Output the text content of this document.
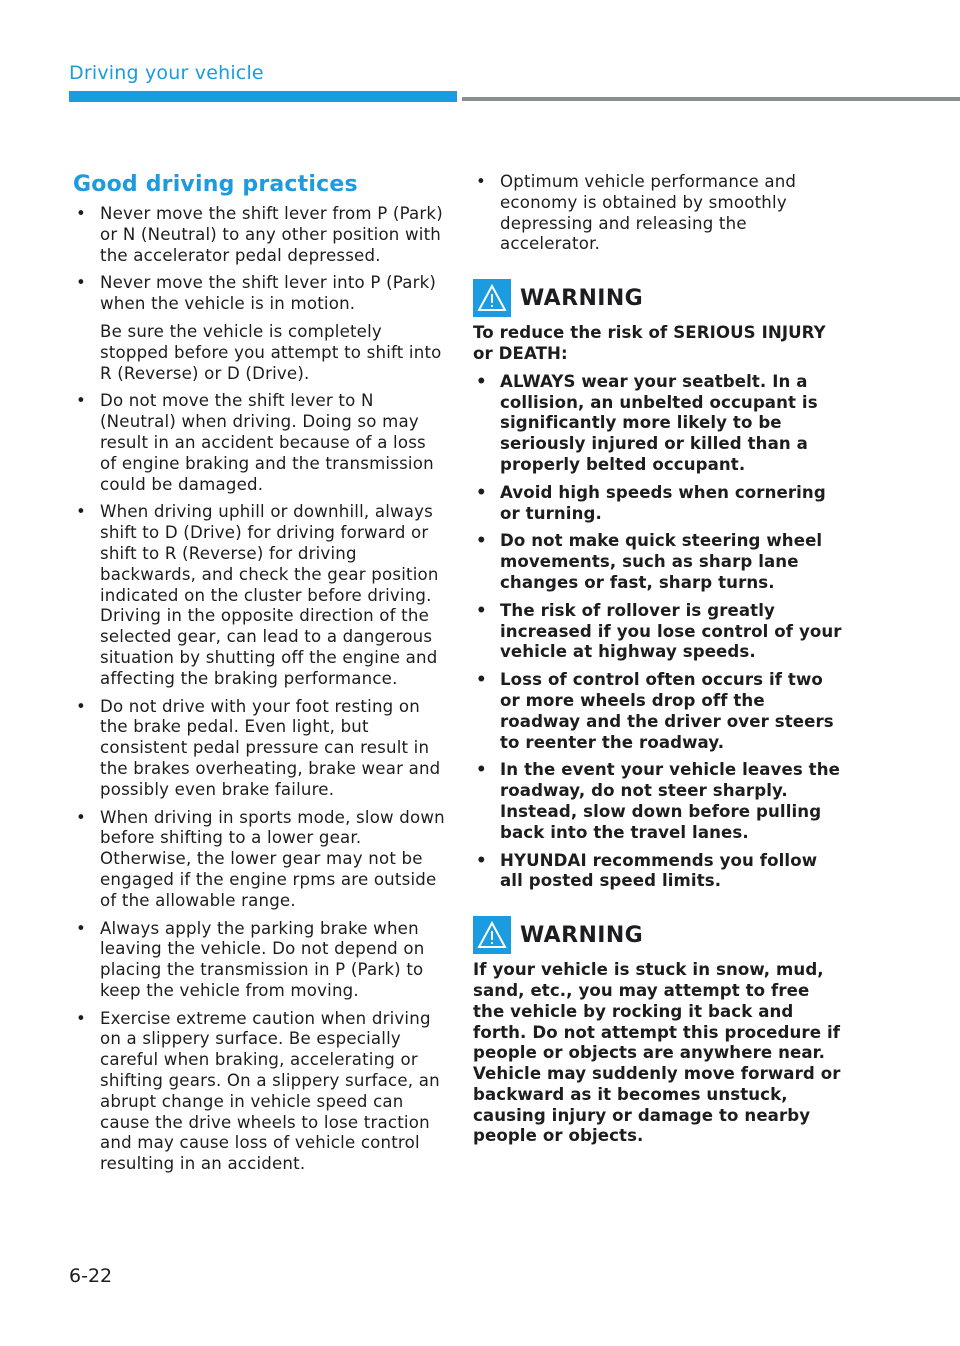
Driving your vehicle
Good driving practices
• Never move the shift lever from P (Park) or N (Neutral) to any other position with the accelerator pedal depressed.
• Never move the shift lever into P (Park) when the vehicle is in motion.
Be sure the vehicle is completely stopped before you attempt to shift into R (Reverse) or D (Drive).
• Do not move the shift lever to N (Neutral) when driving. Doing so may result in an accident because of a loss of engine braking and the transmission could be damaged.
• When driving uphill or downhill, always shift to D (Drive) for driving forward or shift to R (Reverse) for driving backwards, and check the gear position indicated on the cluster before driving. Driving in the opposite direction of the selected gear, can lead to a dangerous situation by shutting off the engine and affecting the braking performance.
• Do not drive with your foot resting on the brake pedal. Even light, but consistent pedal pressure can result in the brakes overheating, brake wear and possibly even brake failure.
• When driving in sports mode, slow down before shifting to a lower gear. Otherwise, the lower gear may not be engaged if the engine rpms are outside of the allowable range.
• Always apply the parking brake when leaving the vehicle. Do not depend on placing the transmission in P (Park) to keep the vehicle from moving.
• Exercise extreme caution when driving on a slippery surface. Be especially careful when braking, accelerating or shifting gears. On a slippery surface, an abrupt change in vehicle speed can cause the drive wheels to lose traction and may cause loss of vehicle control resulting in an accident.
• Optimum vehicle performance and economy is obtained by smoothly depressing and releasing the accelerator.
WARNING

To reduce the risk of SERIOUS INJURY or DEATH:

• ALWAYS wear your seatbelt. In a collision, an unbelted occupant is significantly more likely to be seriously injured or killed than a properly belted occupant.
• Avoid high speeds when cornering or turning.
• Do not make quick steering wheel movements, such as sharp lane changes or fast, sharp turns.
• The risk of rollover is greatly increased if you lose control of your vehicle at highway speeds.
• Loss of control often occurs if two or more wheels drop off the roadway and the driver over steers to reenter the roadway.
• In the event your vehicle leaves the roadway, do not steer sharply. Instead, slow down before pulling back into the travel lanes.
• HYUNDAI recommends you follow all posted speed limits.
WARNING

If your vehicle is stuck in snow, mud, sand, etc., you may attempt to free the vehicle by rocking it back and forth. Do not attempt this procedure if people or objects are anywhere near. Vehicle may suddenly move forward or backward as it becomes unstuck, causing injury or damage to nearby people or objects.

6-22
